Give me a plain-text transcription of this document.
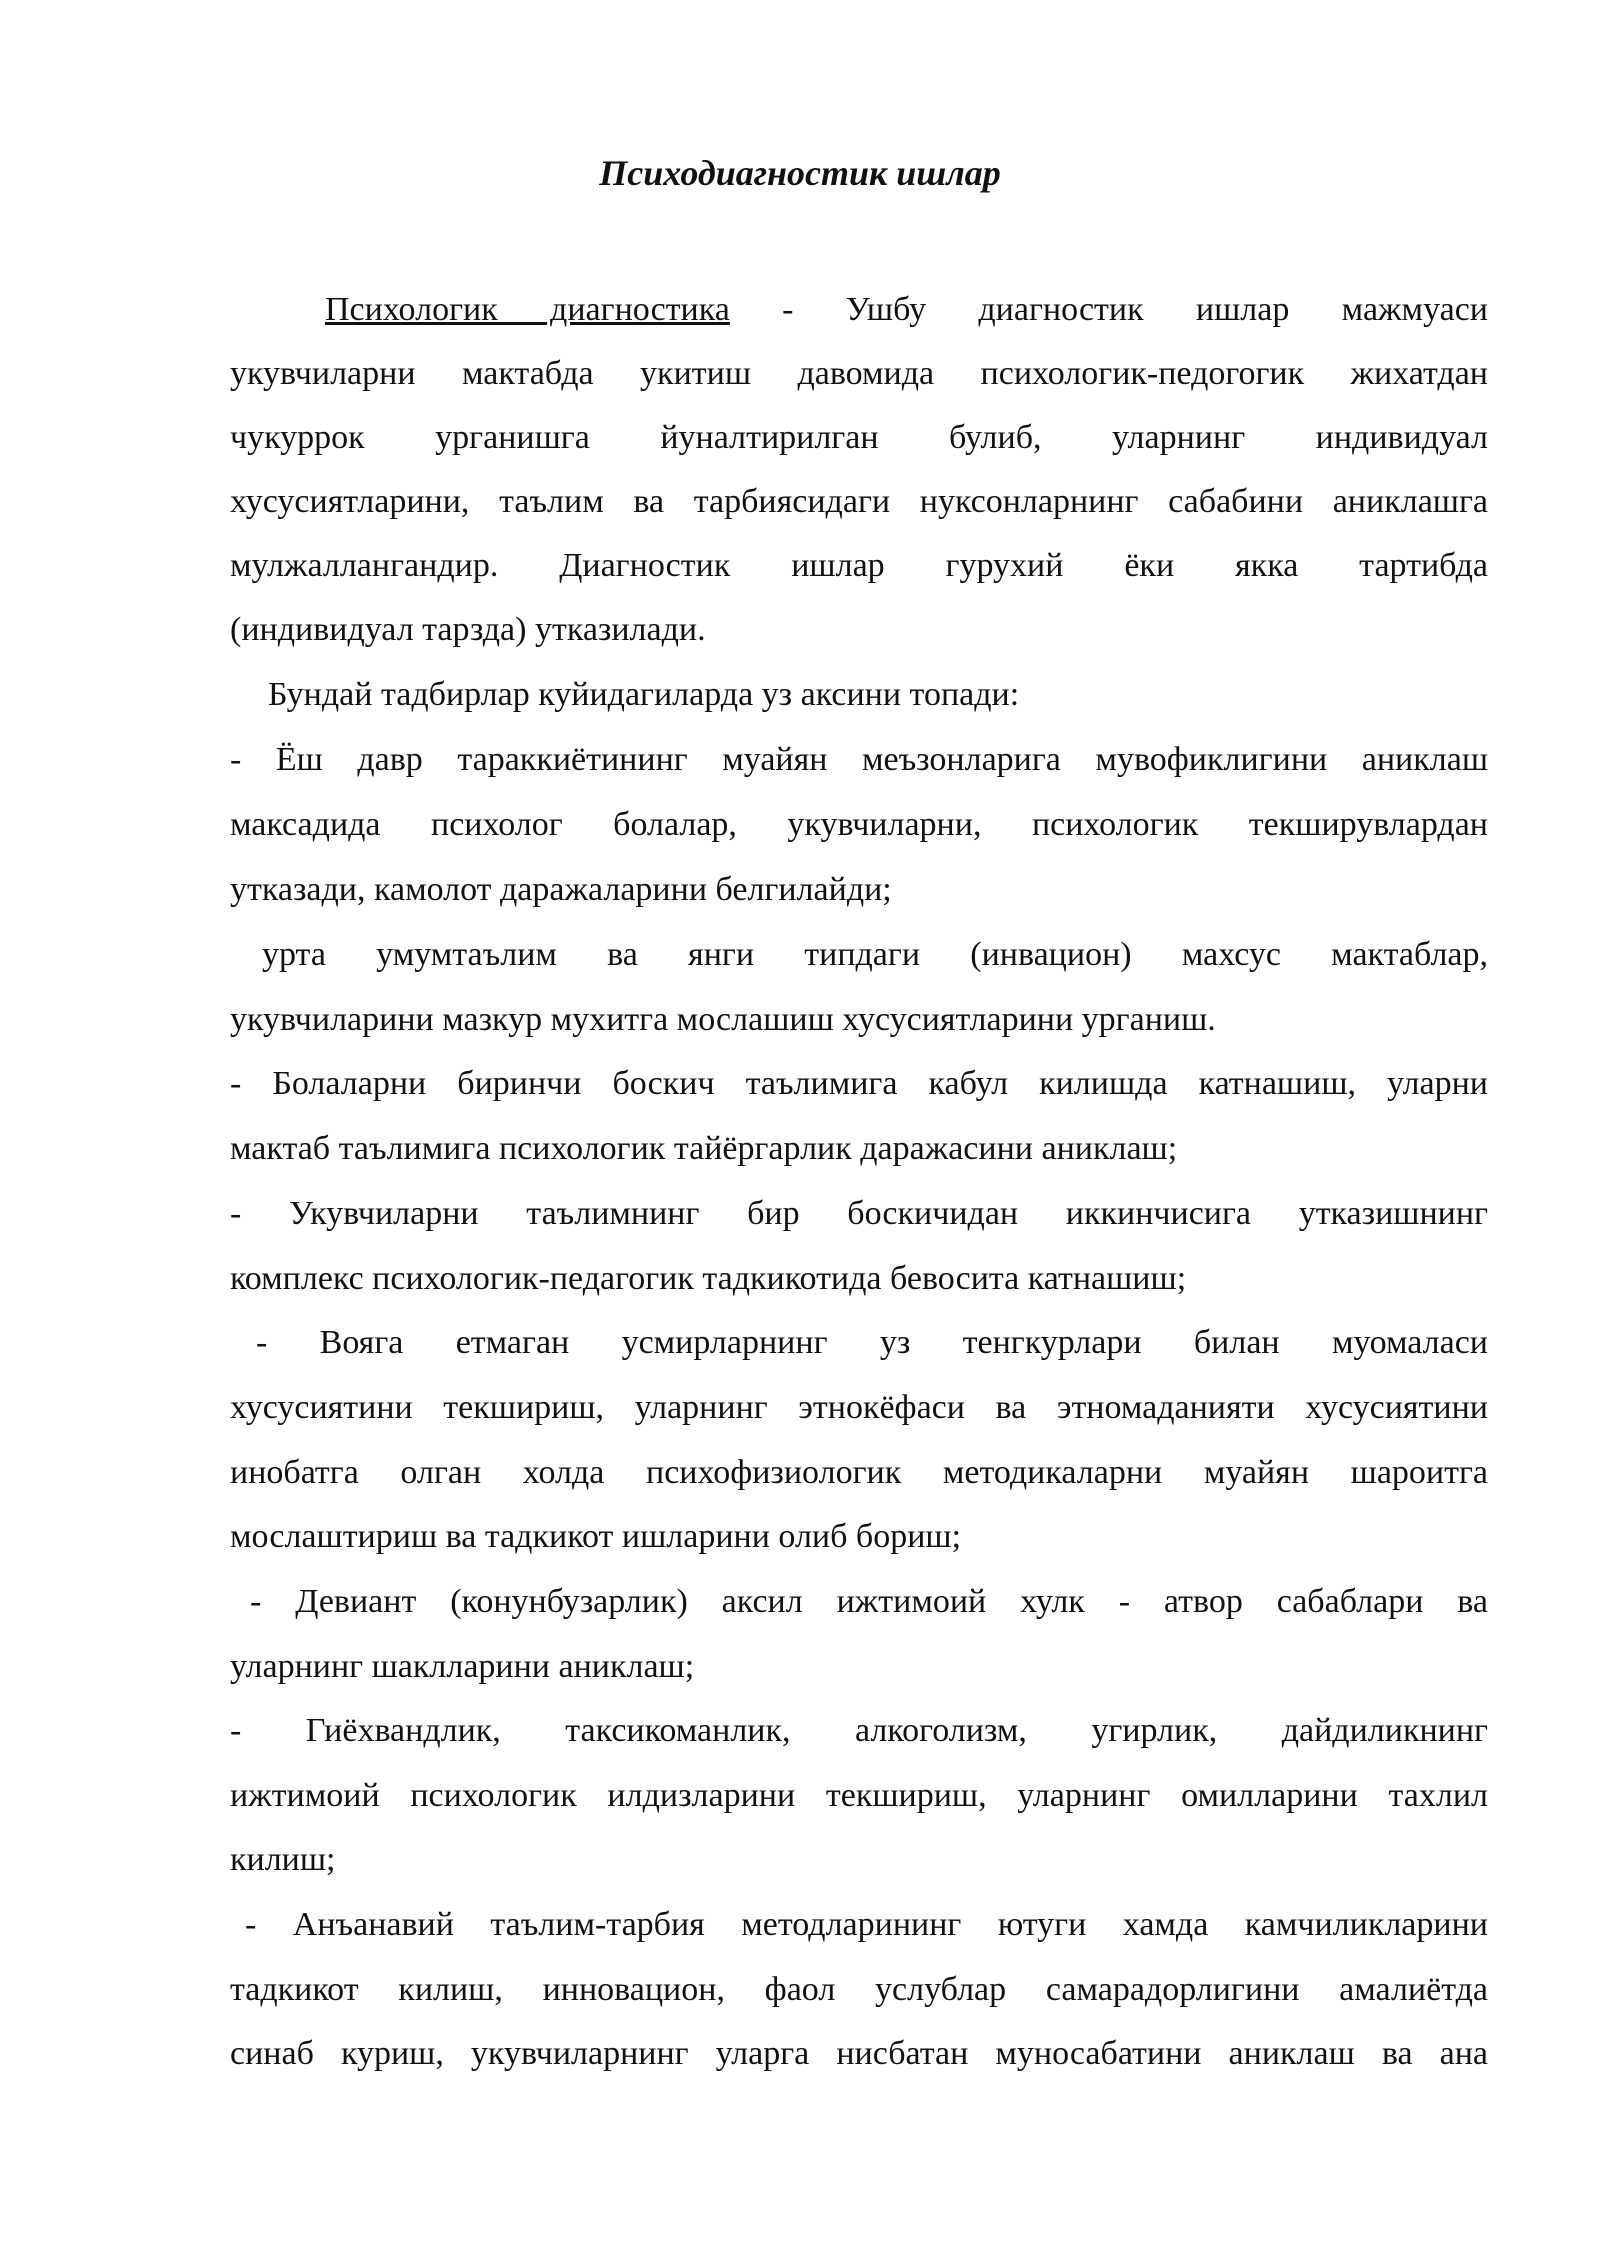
Психодиагностик ишлар
Психологик диагностика - Ушбу диагностик ишлар мажмуаси
укувчиларни мактабда укитиш давомида психологик-педогогик жихатдан
чукуррок урганишга йуналтирилган булиб, уларнинг индивидуал
хусусиятларини, таълим ва тарбиясидаги нуксонларнинг сабабини аниклашга
мулжаллангандир. Диагностик ишлар гурухий ёки якка тартибда
(индивидуал тарзда) утказилади.
Бундай тадбирлар куйидагиларда уз аксини топади:
- Ёш давр тараккиётининг муайян меъзонларига мувофиклигини аниклаш
максадида психолог болалар, укувчиларни, психологик текширувлардан
утказади, камолот даражаларини белгилайди;
урта умумтаълим ва янги типдаги (инвацион) махсус мактаблар,
укувчиларини мазкур мухитга мослашиш хусусиятларини урганиш.
- Болаларни биринчи боскич таълимига кабул килишда катнашиш, уларни
мактаб таълимига психологик тайёргарлик даражасини аниклаш;
- Укувчиларни таълимнинг бир боскичидан иккинчисига утказишнинг
комплекс психологик-педагогик тадкикотида бевосита катнашиш;
- Вояга етмаган усмирларнинг уз тенгкурлари билан муомаласи
хусусиятини текшириш, уларнинг этнокёфаси ва этномаданияти хусусиятини
инобатга олган холда психофизиологик методикаларни муайян шароитга
мослаштириш ва тадкикот ишларини олиб бориш;
- Девиант (конунбузарлик) аксил ижтимоий хулк - атвор сабаблари ва
уларнинг шаклларини аниклаш;
- Гиёхвандлик, таксикоманлик, алкоголизм, угирлик, дайдиликнинг
ижтимоий психологик илдизларини текшириш, уларнинг омилларини тахлил
килиш;
- Анъанавий таълим-тарбия методларининг ютуги хамда камчиликларини
тадкикот килиш, инновацион, фаол услублар самарадорлигини амалиётда
синаб куриш, укувчиларнинг уларга нисбатан муносабатини аниклаш ва ана
